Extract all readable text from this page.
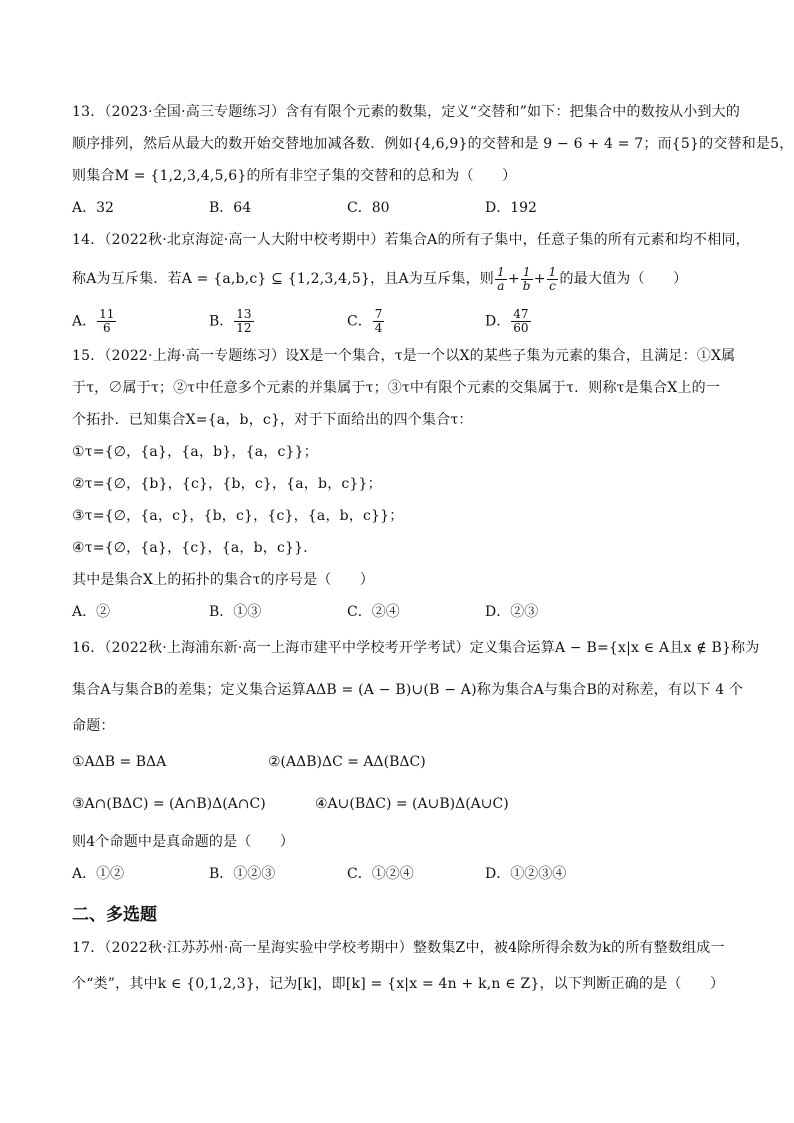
13．（2023·全国·高三专题练习）含有有限个元素的数集，定义“交替和”如下：把集合中的数按从小到大的
顺序排列，然后从最大的数开始交替地加减各数．例如{4,6,9}的交替和是 9 − 6 + 4 = 7；而{5}的交替和是5，
则集合M = {1,2,3,4,5,6}的所有非空子集的交替和的总和为（　　）
A．32	B．64	C．80	D．192
14．（2022秋·北京海淀·高一人大附中校考期中）若集合A的所有子集中，任意子集的所有元素和均不相同，
称A为互斥集．若A = {a,b,c} ⊆ {1,2,3,4,5}，且A为互斥集，则 $\frac{1}{a} + \frac{1}{b} + \frac{1}{c}$ 的最大值为（　　）
A． $\frac{11}{6}$	B． $\frac{13}{12}$	C． $\frac{7}{4}$	D． $\frac{47}{60}$
15．（2022·上海·高一专题练习）设X是一个集合，τ是一个以X的某些子集为元素的集合，且满足：①X属
于τ，∅属于τ；②τ中任意多个元素的并集属于τ；③τ中有限个元素的交集属于τ．则称τ是集合X上的一
个拓扑．已知集合X={a，b，c}，对于下面给出的四个集合τ：
①τ={∅，{a}，{a，b}，{a，c}}；
②τ={∅，{b}，{c}，{b，c}，{a，b，c}}；
③τ={∅，{a，c}，{b，c}，{c}，{a，b，c}}；
④τ={∅，{a}，{c}，{a，b，c}}．
其中是集合X上的拓扑的集合τ的序号是（　　）
A．②	B．①③	C．②④	D．②③
16．（2022秋·上海浦东新·高一上海市建平中学校考开学考试）定义集合运算A − B={x|x ∈ A且x ∉ B}称为
集合A与集合B的差集；定义集合运算AΔB = (A − B)∪(B − A)称为集合A与集合B的对称差，有以下 4 个
命题：
①AΔB = BΔA	②(AΔB)ΔC = AΔ(BΔC)
③A∩(BΔC) = (A∩B)Δ(A∩C)	④A∪(BΔC) = (A∪B)Δ(A∪C)
则4个命题中是真命题的是（　　）
A．①②	B．①②③	C．①②④	D．①②③④
二、多选题
17．（2022秋·江苏苏州·高一星海实验中学校考期中）整数集Z中，被4除所得余数为k的所有整数组成一
个“类”，其中k ∈ {0,1,2,3}，记为[k]，即[k] = {x|x = 4n + k,n ∈ Z}，以下判断正确的是（　　）
